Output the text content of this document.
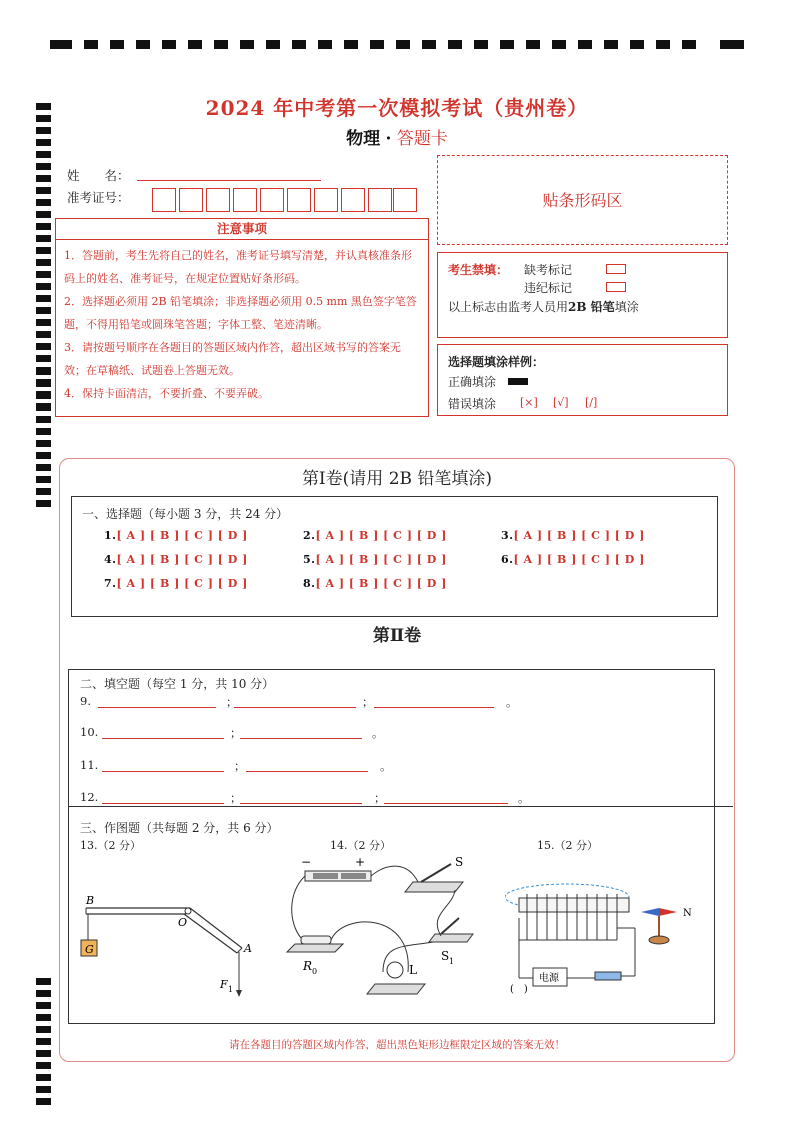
2024 年中考第一次模拟考试（贵州卷）
物理 · 答题卡
姓　　名：
准考证号：	贴条形码区
注意事项

1．答题前，考生先将自己的姓名，准考证号填写清楚，并认真核准条形码上的姓名、准考证号，在规定位置贴好条形码。

2．选择题必须用 2B 铅笔填涂；非选择题必须用 0.5 mm 黑色签字笔答题，不得用铅笔或圆珠笔答题；字体工整、笔迹清晰。

3．请按题号顺序在各题目的答题区域内作答，超出区域书写的答案无效；在草稿纸、试题卷上答题无效。

4．保持卡面清洁，不要折叠、不要弄破。

考生禁填： 缺考标记
违纪标记
以上标志由监考人员用2B 铅笔填涂
选择题填涂样例：
正确填涂
错误填涂 [×] [√] [/]
第Ⅰ卷(请用 2B 铅笔填涂)
一、选择题（每小题 3 分，共 24 分）
1.[ A ] [ B ] [ C ] [ D ]	2.[ A ] [ B ] [ C ] [ D ]	3.[ A ] [ B ] [ C ] [ D ]
4.[ A ] [ B ] [ C ] [ D ]	5.[ A ] [ B ] [ C ] [ D ]	6.[ A ] [ B ] [ C ] [ D ]
7.[ A ] [ B ] [ C ] [ D ]	8.[ A ] [ B ] [ C ] [ D ]
第Ⅱ卷
二、填空题（每空 1 分，共 10 分）
9.	；	；	。
10.	；	。
11.	；	。
12.	；	；	。
三、作图题（共每题 2 分，共 6 分）
13.（2 分）	14.（2 分）	15.（2 分）
G
B
O
A
F 1
−	+	S
S 1
R 0	L
电源
(　)
N
请在各题目的答题区域内作答，超出黑色矩形边框限定区域的答案无效！
